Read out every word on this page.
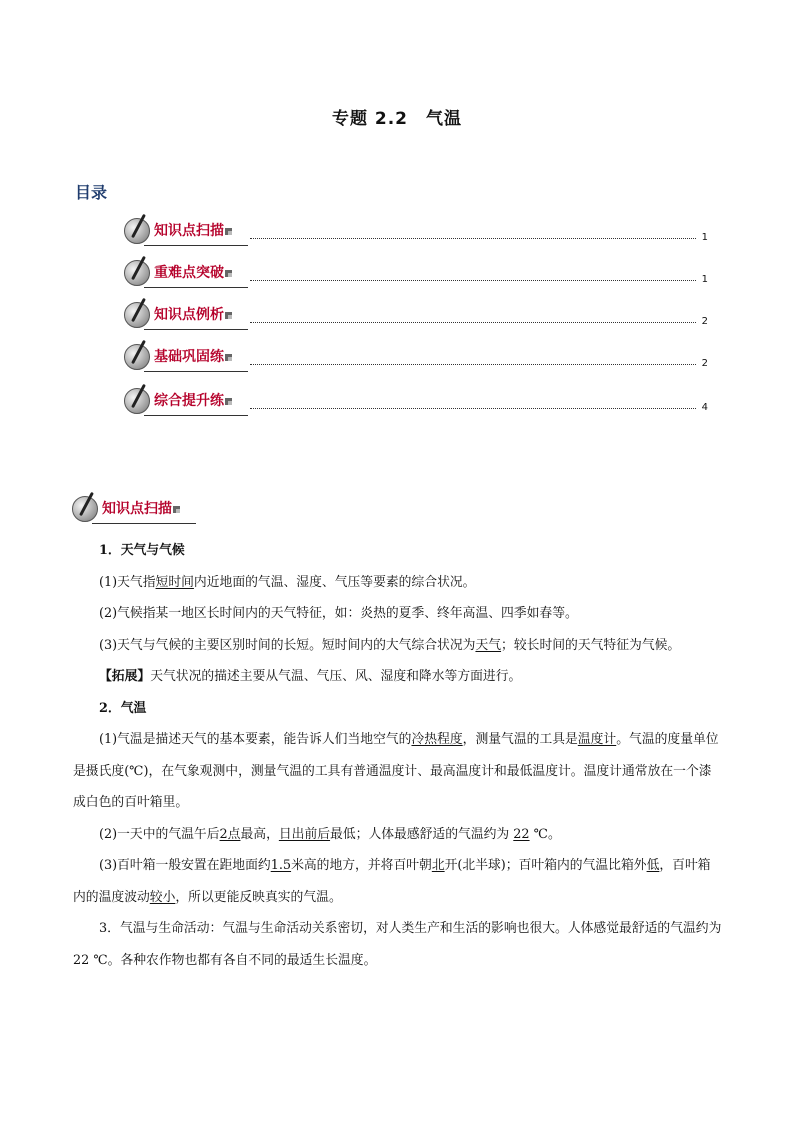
专题 2.2　气温
目录
知识点扫描	1
重难点突破	1
知识点例析	2
基础巩固练	2
综合提升练	4
知识点扫描

1．天气与气候

(1)天气指短时间内近地面的气温、湿度、气压等要素的综合状况。

(2)气候指某一地区长时间内的天气特征，如：炎热的夏季、终年高温、四季如春等。

(3)天气与气候的主要区别时间的长短。短时间内的大气综合状况为天气；较长时间的天气特征为气候。

【拓展】天气状况的描述主要从气温、气压、风、湿度和降水等方面进行。

2．气温

(1)气温是描述天气的基本要素，能告诉人们当地空气的冷热程度，测量气温的工具是温度计。气温的度量单位是摄氏度(℃)，在气象观测中，测量气温的工具有普通温度计、最高温度计和最低温度计。温度计通常放在一个漆成白色的百叶箱里。

(2)一天中的气温午后2点最高，日出前后最低；人体最感舒适的气温约为 22 ℃。

(3)百叶箱一般安置在距地面约1.5米高的地方，并将百叶朝北开(北半球)；百叶箱内的气温比箱外低，百叶箱内的温度波动较小，所以更能反映真实的气温。

3．气温与生命活动：气温与生命活动关系密切，对人类生产和生活的影响也很大。人体感觉最舒适的气温约为22 ℃。各种农作物也都有各自不同的最适生长温度。
